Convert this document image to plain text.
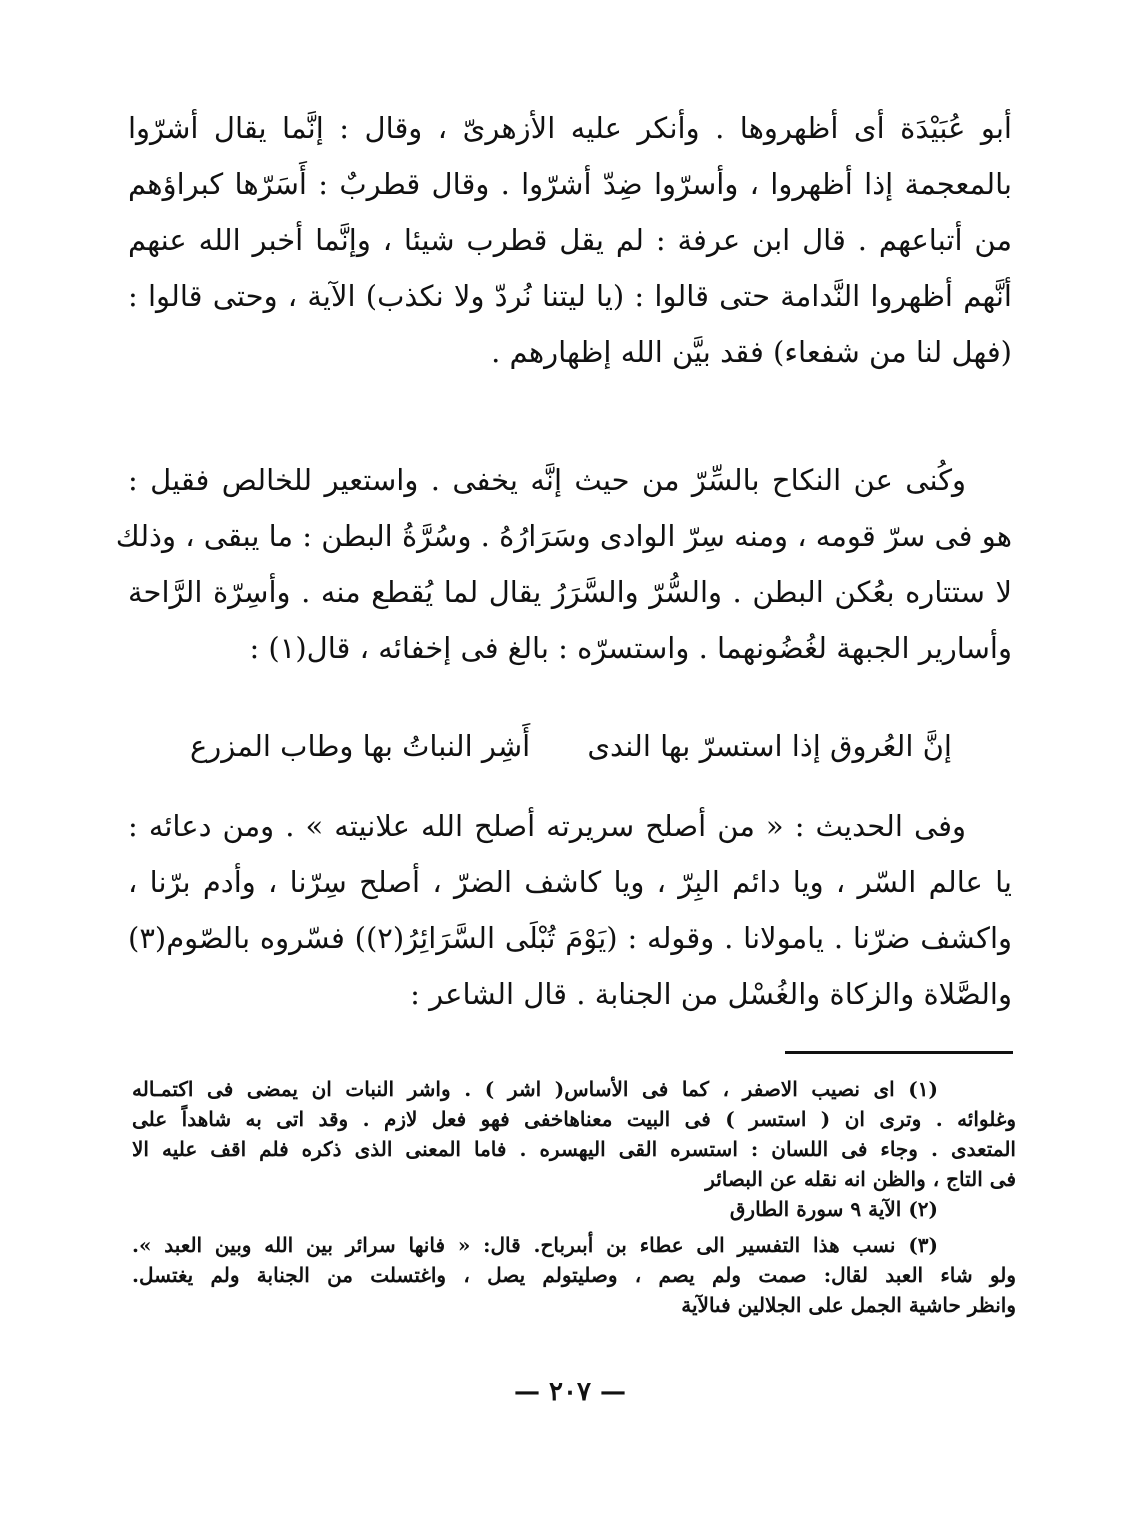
أبو عُبَيْدَة أى أظهروها . وأنكر عليه الأزهرىّ ، وقال : إنَّما يقال أشرّوا
بالمعجمة إذا أظهروا ، وأسرّوا ضِدّ أشرّوا . وقال قطربٌ : أَسَرّها كبراؤهم
من أتباعهم . قال ابن عرفة : لم يقل قطرب شيئا ، وإنَّما أخبر الله عنهم
أنَّهم أظهروا النَّدامة حتى قالوا : (يا ليتنا نُردّ ولا نكذب) الآية ، وحتى قالوا :
(فهل لنا من شفعاء) فقد بيَّن الله إظهارهم .
وكُنى عن النكاح بالسِّرّ من حيث إنَّه يخفى . واستعير للخالص فقيل :
هو فى سرّ قومه ، ومنه سِرّ الوادى وسَرَارُهُ . وسُرَّةُ البطن : ما يبقى ، وذلك
لا ستتاره بعُكن البطن . والسُّرّ والسَّرَرُ يقال لما يُقطع منه . وأسِرّة الرَّاحة
وأسارير الجبهة لغُضُونهما . واستسرّه : بالغ فى إخفائه ، قال(١) :
إنَّ العُروق إذا استسرّ بها الندى
أَشِر النباتُ بها وطاب المزرع
وفى الحديث : « من أصلح سريرته أصلح الله علانيته » . ومن دعائه :
يا عالم السّر ، ويا دائم البِرّ ، ويا كاشف الضرّ ، أصلح سِرّنا ، وأدم برّنا ،
واكشف ضرّنا . يامولانا . وقوله : (يَوْمَ تُبْلَى السَّرَائِرُ(٢)) فسّروه بالصّوم(٣)
والصَّلاة والزكاة والغُسْل من الجنابة . قال الشاعر :
(١) اى نصيب الاصفر ، كما فى الأساس( اشر ) . واشر النبات ان يمضى فى اكتمـاله
وغلوائه . وترى ان ( استسر ) فى البيت معناهاخفى فهو فعل لازم . وقد اتى به شاهداً على
المتعدى . وجاء فى اللسان : استسره القى اليهسره . فاما المعنى الذى ذكره فلم اقف عليه الا
فى التاج ، والظن انه نقله عن البصائر
(٢) الآية ٩ سورة الطارق
(٣) نسب هذا التفسير الى عطاء بن أبىرباح. قال: « فانها سرائر بين الله وبين العبد ».
ولو شاء العبد لقال: صمت ولم يصم ، وصليتولم يصل ، واغتسلت من الجنابة ولم يغتسل.
وانظر حاشية الجمل على الجلالين فىالآية
— ٢٠٧ —
